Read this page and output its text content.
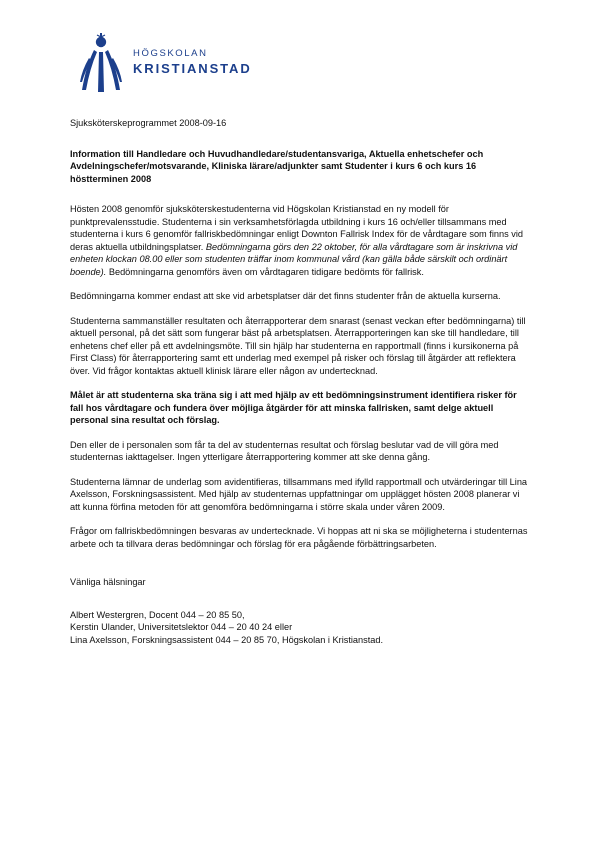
HÖGSKOLAN
KRISTIANSTAD

Sjuksköterskeprogrammet 2008-09-16

Information till Handledare och Huvudhandledare/studentansvariga, Aktuella enhetschefer och Avdelningschefer/motsvarande, Kliniska lärare/adjunkter samt Studenter i kurs 6 och kurs 16 höstterminen 2008

Hösten 2008 genomför sjuksköterskestudenterna vid Högskolan Kristianstad en ny modell för punktprevalensstudie. Studenterna i sin verksamhetsförlagda utbildning i kurs 16 och/eller tillsammans med studenterna i kurs 6 genomför fallriskbedömningar enligt Downton Fallrisk Index för de vårdtagare som finns vid deras aktuella utbildningsplatser. Bedömningarna görs den 22 oktober, för alla vårdtagare som är inskrivna vid enheten klockan 08.00 eller som studenten träffar inom kommunal vård (kan gälla både särskilt och ordinärt boende). Bedömningarna genomförs även om vårdtagaren tidigare bedömts för fallrisk.

Bedömningarna kommer endast att ske vid arbetsplatser där det finns studenter från de aktuella kurserna.

Studenterna sammanställer resultaten och återrapporterar dem snarast (senast veckan efter bedömningarna) till aktuell personal, på det sätt som fungerar bäst på arbetsplatsen. Återrapporteringen kan ske till handledare, till enhetens chef eller på ett avdelningsmöte. Till sin hjälp har studenterna en rapportmall (finns i kursikonerna på First Class) för återrapportering samt ett underlag med exempel på risker och förslag till åtgärder att reflektera över. Vid frågor kontaktas aktuell klinisk lärare eller någon av undertecknad.

Målet är att studenterna ska träna sig i att med hjälp av ett bedömningsinstrument identifiera risker för fall hos vårdtagare och fundera över möjliga åtgärder för att minska fallrisken, samt delge aktuell personal sina resultat och förslag.

Den eller de i personalen som får ta del av studenternas resultat och förslag beslutar vad de vill göra med studenternas iakttagelser. Ingen ytterligare återrapportering kommer att ske denna gång.

Studenterna lämnar de underlag som avidentifieras, tillsammans med ifylld rapportmall och utvärderingar till Lina Axelsson, Forskningsassistent. Med hjälp av studenternas uppfattningar om upplägget hösten 2008 planerar vi att kunna förfina metoden för att genomföra bedömningarna i större skala under våren 2009.

Frågor om fallriskbedömningen besvaras av undertecknade. Vi hoppas att ni ska se möjligheterna i studenternas arbete och ta tillvara deras bedömningar och förslag för era pågående förbättringsarbeten.

Vänliga hälsningar

Albert Westergren, Docent 044 – 20 85 50,

Kerstin Ulander, Universitetslektor 044 – 20 40 24 eller

Lina Axelsson, Forskningsassistent 044 – 20 85 70, Högskolan i Kristianstad.
